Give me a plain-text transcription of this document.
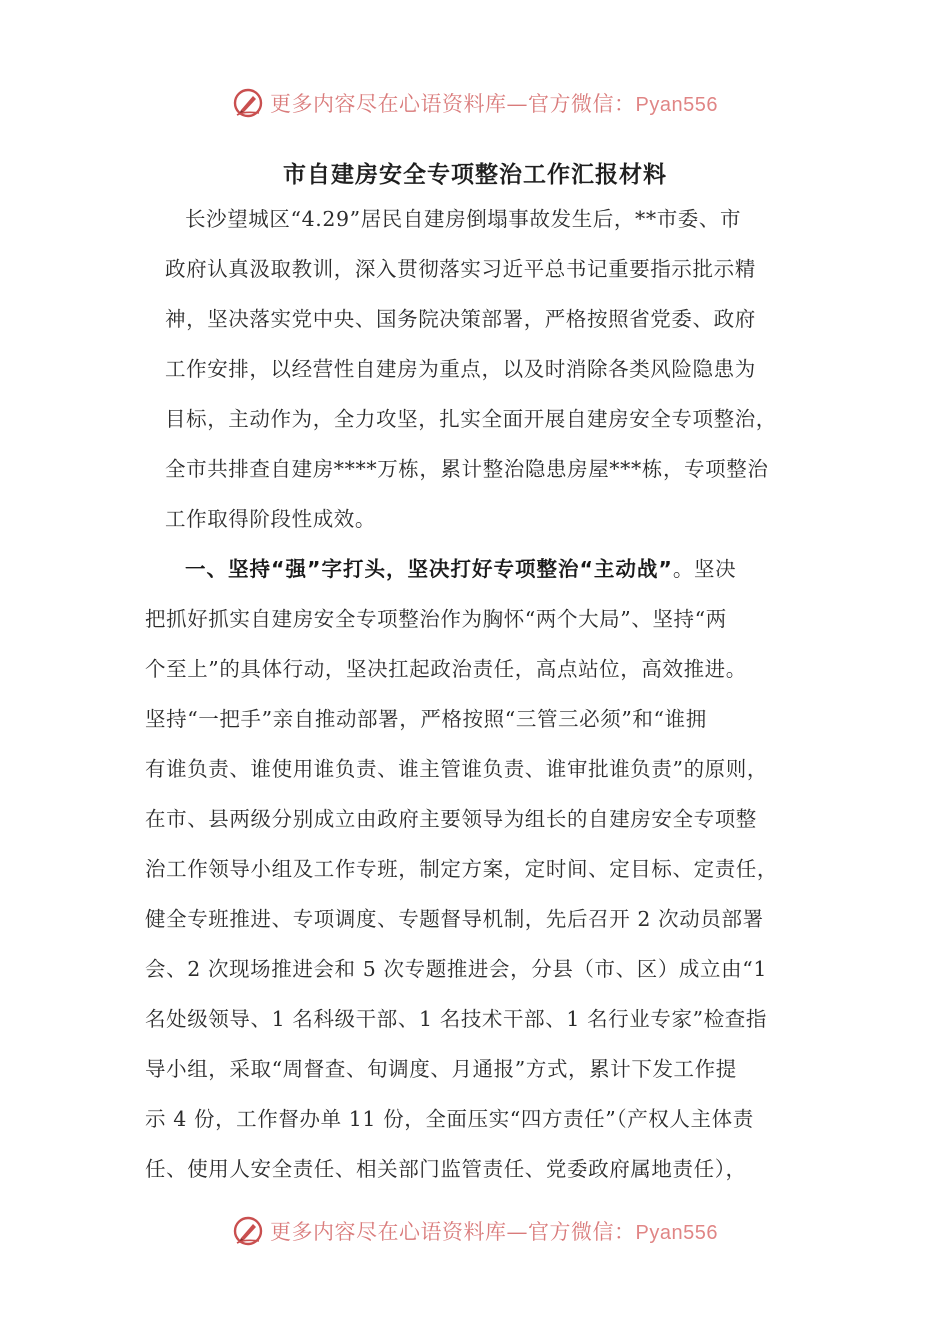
更多内容尽在心语资料库—官方微信：Pyan556
市自建房安全专项整治工作汇报材料
长沙望城区“4.29”居民自建房倒塌事故发生后，**市委、市
政府认真汲取教训，深入贯彻落实习近平总书记重要指示批示精
神，坚决落实党中央、国务院决策部署，严格按照省党委、政府
工作安排，以经营性自建房为重点，以及时消除各类风险隐患为
目标，主动作为，全力攻坚，扎实全面开展自建房安全专项整治，
全市共排查自建房****万栋，累计整治隐患房屋***栋，专项整治
工作取得阶段性成效。
一、坚持“强”字打头，坚决打好专项整治“主动战”。坚决
把抓好抓实自建房安全专项整治作为胸怀“两个大局”、坚持“两
个至上”的具体行动，坚决扛起政治责任，高点站位，高效推进。
坚持“一把手”亲自推动部署，严格按照“三管三必须”和“谁拥
有谁负责、谁使用谁负责、谁主管谁负责、谁审批谁负责”的原则，
在市、县两级分别成立由政府主要领导为组长的自建房安全专项整
治工作领导小组及工作专班，制定方案，定时间、定目标、定责任，
健全专班推进、专项调度、专题督导机制，先后召开 2 次动员部署
会、2 次现场推进会和 5 次专题推进会，分县（市、区）成立由“1
名处级领导、1 名科级干部、1 名技术干部、1 名行业专家”检查指
导小组，采取“周督查、旬调度、月通报”方式，累计下发工作提
示 4 份，工作督办单 11 份，全面压实“四方责任”（产权人主体责
任、使用人安全责任、相关部门监管责任、党委政府属地责任），
更多内容尽在心语资料库—官方微信：Pyan556
